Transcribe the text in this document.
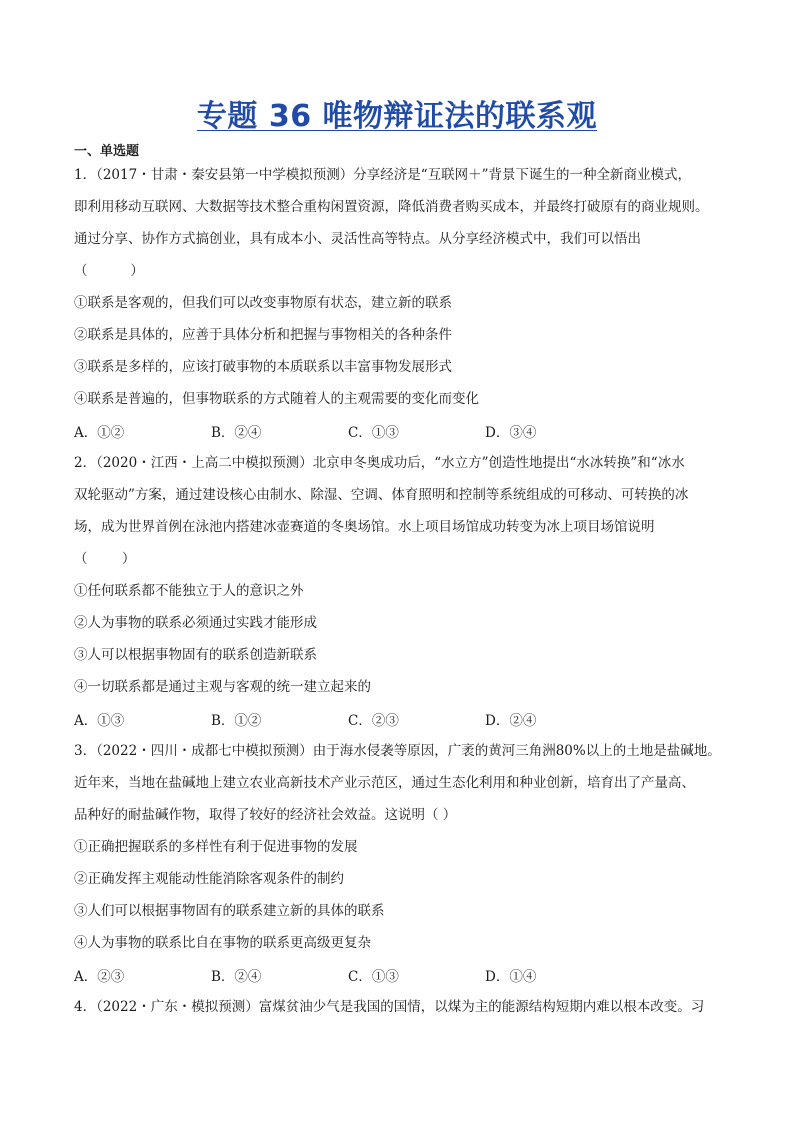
专题 36 唯物辩证法的联系观
一、单选题
1．（2017・甘肃・秦安县第一中学模拟预测）分享经济是“互联网＋”背景下诞生的一种全新商业模式，
即利用移动互联网、大数据等技术整合重构闲置资源，降低消费者购买成本，并最终打破原有的商业规则。
通过分享、协作方式搞创业，具有成本小、灵活性高等特点。从分享经济模式中，我们可以悟出
（          ）
①联系是客观的，但我们可以改变事物原有状态，建立新的联系
②联系是具体的，应善于具体分析和把握与事物相关的各种条件
③联系是多样的，应该打破事物的本质联系以丰富事物发展形式
④联系是普遍的，但事物联系的方式随着人的主观需要的变化而变化
A．①②	B．②④	C．①③	D．③④
2．（2020・江西・上高二中模拟预测）北京申冬奥成功后，“水立方”创造性地提出“水冰转换”和“冰水
双轮驱动”方案，通过建设核心由制水、除湿、空调、体育照明和控制等系统组成的可移动、可转换的冰
场，成为世界首例在泳池内搭建冰壶赛道的冬奥场馆。水上项目场馆成功转变为冰上项目场馆说明
（        ）
①任何联系都不能独立于人的意识之外
②人为事物的联系必须通过实践才能形成
③人可以根据事物固有的联系创造新联系
④一切联系都是通过主观与客观的统一建立起来的
A．①③	B．①②	C．②③	D．②④
3．（2022・四川・成都七中模拟预测）由于海水侵袭等原因，广袤的黄河三角洲80%以上的土地是盐碱地。
近年来，当地在盐碱地上建立农业高新技术产业示范区，通过生态化利用和种业创新，培育出了产量高、
品种好的耐盐碱作物，取得了较好的经济社会效益。这说明（ ）
①正确把握联系的多样性有利于促进事物的发展
②正确发挥主观能动性能消除客观条件的制约
③人们可以根据事物固有的联系建立新的具体的联系
④人为事物的联系比自在事物的联系更高级更复杂
A．②③	B．②④	C．①③	D．①④
4．（2022・广东・模拟预测）富煤贫油少气是我国的国情，以煤为主的能源结构短期内难以根本改变。习
